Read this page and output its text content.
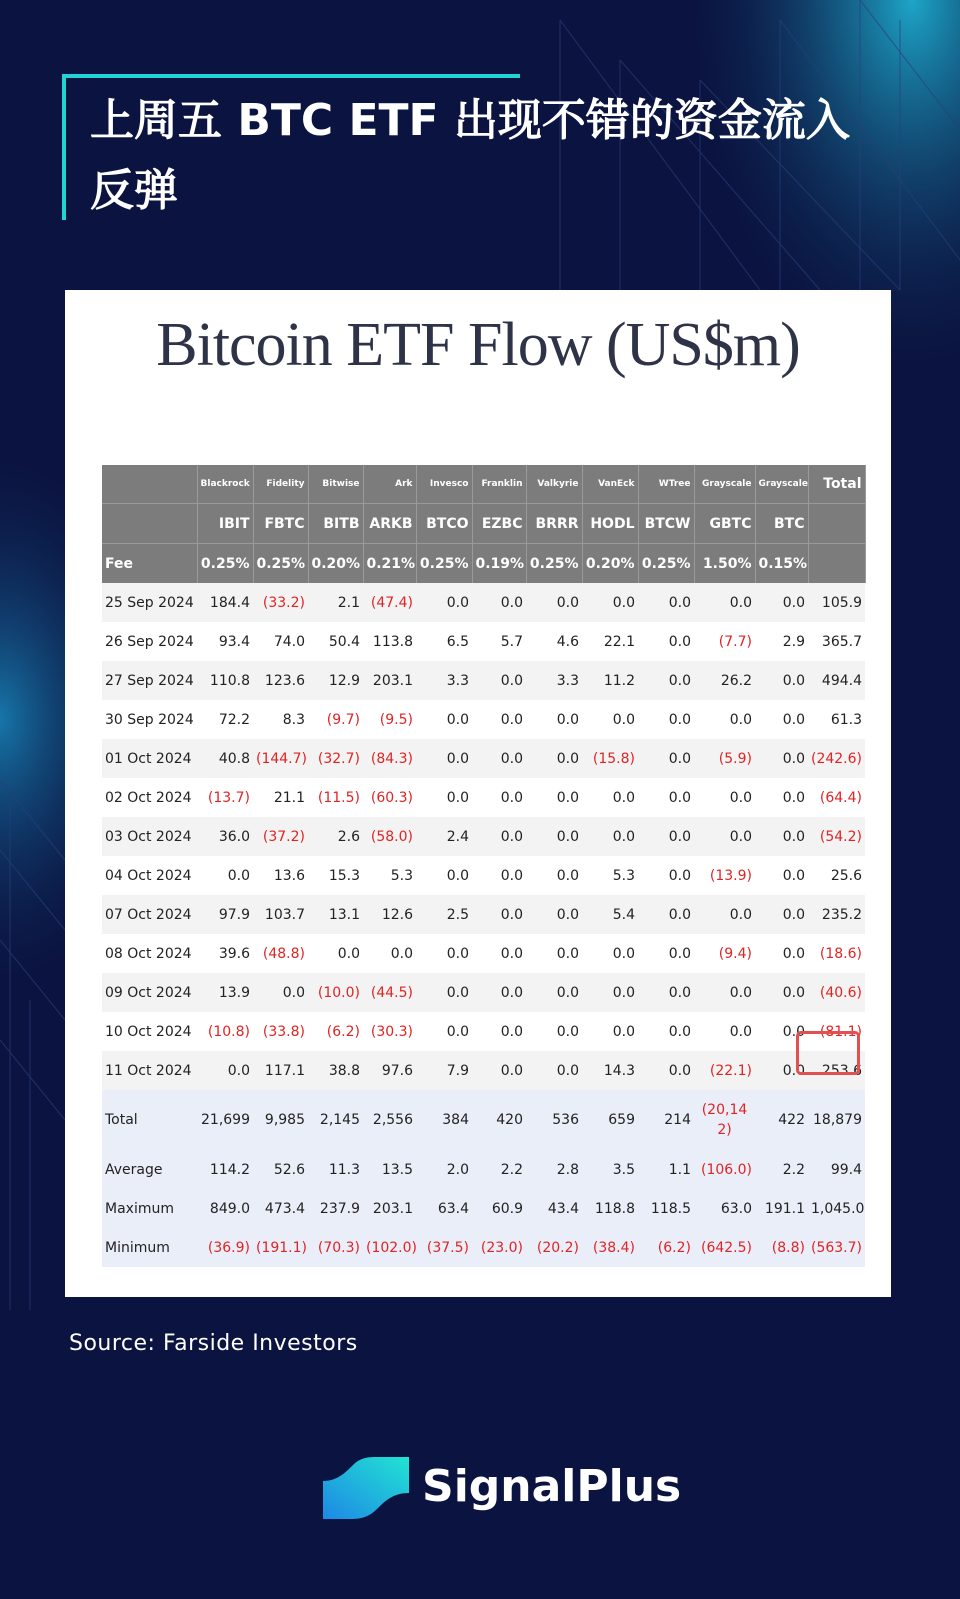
上周五 BTC ETF 出现不错的资金流入反弹
Bitcoin ETF Flow (US$m)
	Blackrock	Fidelity	Bitwise	Ark	Invesco	Franklin	Valkyrie	VanEck	WTree	Grayscale	Grayscale	Total
	IBIT	FBTC	BITB	ARKB	BTCO	EZBC	BRRR	HODL	BTCW	GBTC	BTC	
Fee	0.25%	0.25%	0.20%	0.21%	0.25%	0.19%	0.25%	0.20%	0.25%	1.50%	0.15%	
25 Sep 2024	184.4	(33.2)	2.1	(47.4)	0.0	0.0	0.0	0.0	0.0	0.0	0.0	105.9
26 Sep 2024	93.4	74.0	50.4	113.8	6.5	5.7	4.6	22.1	0.0	(7.7)	2.9	365.7
27 Sep 2024	110.8	123.6	12.9	203.1	3.3	0.0	3.3	11.2	0.0	26.2	0.0	494.4
30 Sep 2024	72.2	8.3	(9.7)	(9.5)	0.0	0.0	0.0	0.0	0.0	0.0	0.0	61.3
01 Oct 2024	40.8	(144.7)	(32.7)	(84.3)	0.0	0.0	0.0	(15.8)	0.0	(5.9)	0.0	(242.6)
02 Oct 2024	(13.7)	21.1	(11.5)	(60.3)	0.0	0.0	0.0	0.0	0.0	0.0	0.0	(64.4)
03 Oct 2024	36.0	(37.2)	2.6	(58.0)	2.4	0.0	0.0	0.0	0.0	0.0	0.0	(54.2)
04 Oct 2024	0.0	13.6	15.3	5.3	0.0	0.0	0.0	5.3	0.0	(13.9)	0.0	25.6
07 Oct 2024	97.9	103.7	13.1	12.6	2.5	0.0	0.0	5.4	0.0	0.0	0.0	235.2
08 Oct 2024	39.6	(48.8)	0.0	0.0	0.0	0.0	0.0	0.0	0.0	(9.4)	0.0	(18.6)
09 Oct 2024	13.9	0.0	(10.0)	(44.5)	0.0	0.0	0.0	0.0	0.0	0.0	0.0	(40.6)
10 Oct 2024	(10.8)	(33.8)	(6.2)	(30.3)	0.0	0.0	0.0	0.0	0.0	0.0	0.0	(81.1)
11 Oct 2024	0.0	117.1	38.8	97.6	7.9	0.0	0.0	14.3	0.0	(22.1)	0.0	253.6
Total	21,699	9,985	2,145	2,556	384	420	536	659	214	(20,142)	422	18,879
Average	114.2	52.6	11.3	13.5	2.0	2.2	2.8	3.5	1.1	(106.0)	2.2	99.4
Maximum	849.0	473.4	237.9	203.1	63.4	60.9	43.4	118.8	118.5	63.0	191.1	1,045.0
Minimum	(36.9)	(191.1)	(70.3)	(102.0)	(37.5)	(23.0)	(20.2)	(38.4)	(6.2)	(642.5)	(8.8)	(563.7)
Source: Farside Investors
SignalPlus
